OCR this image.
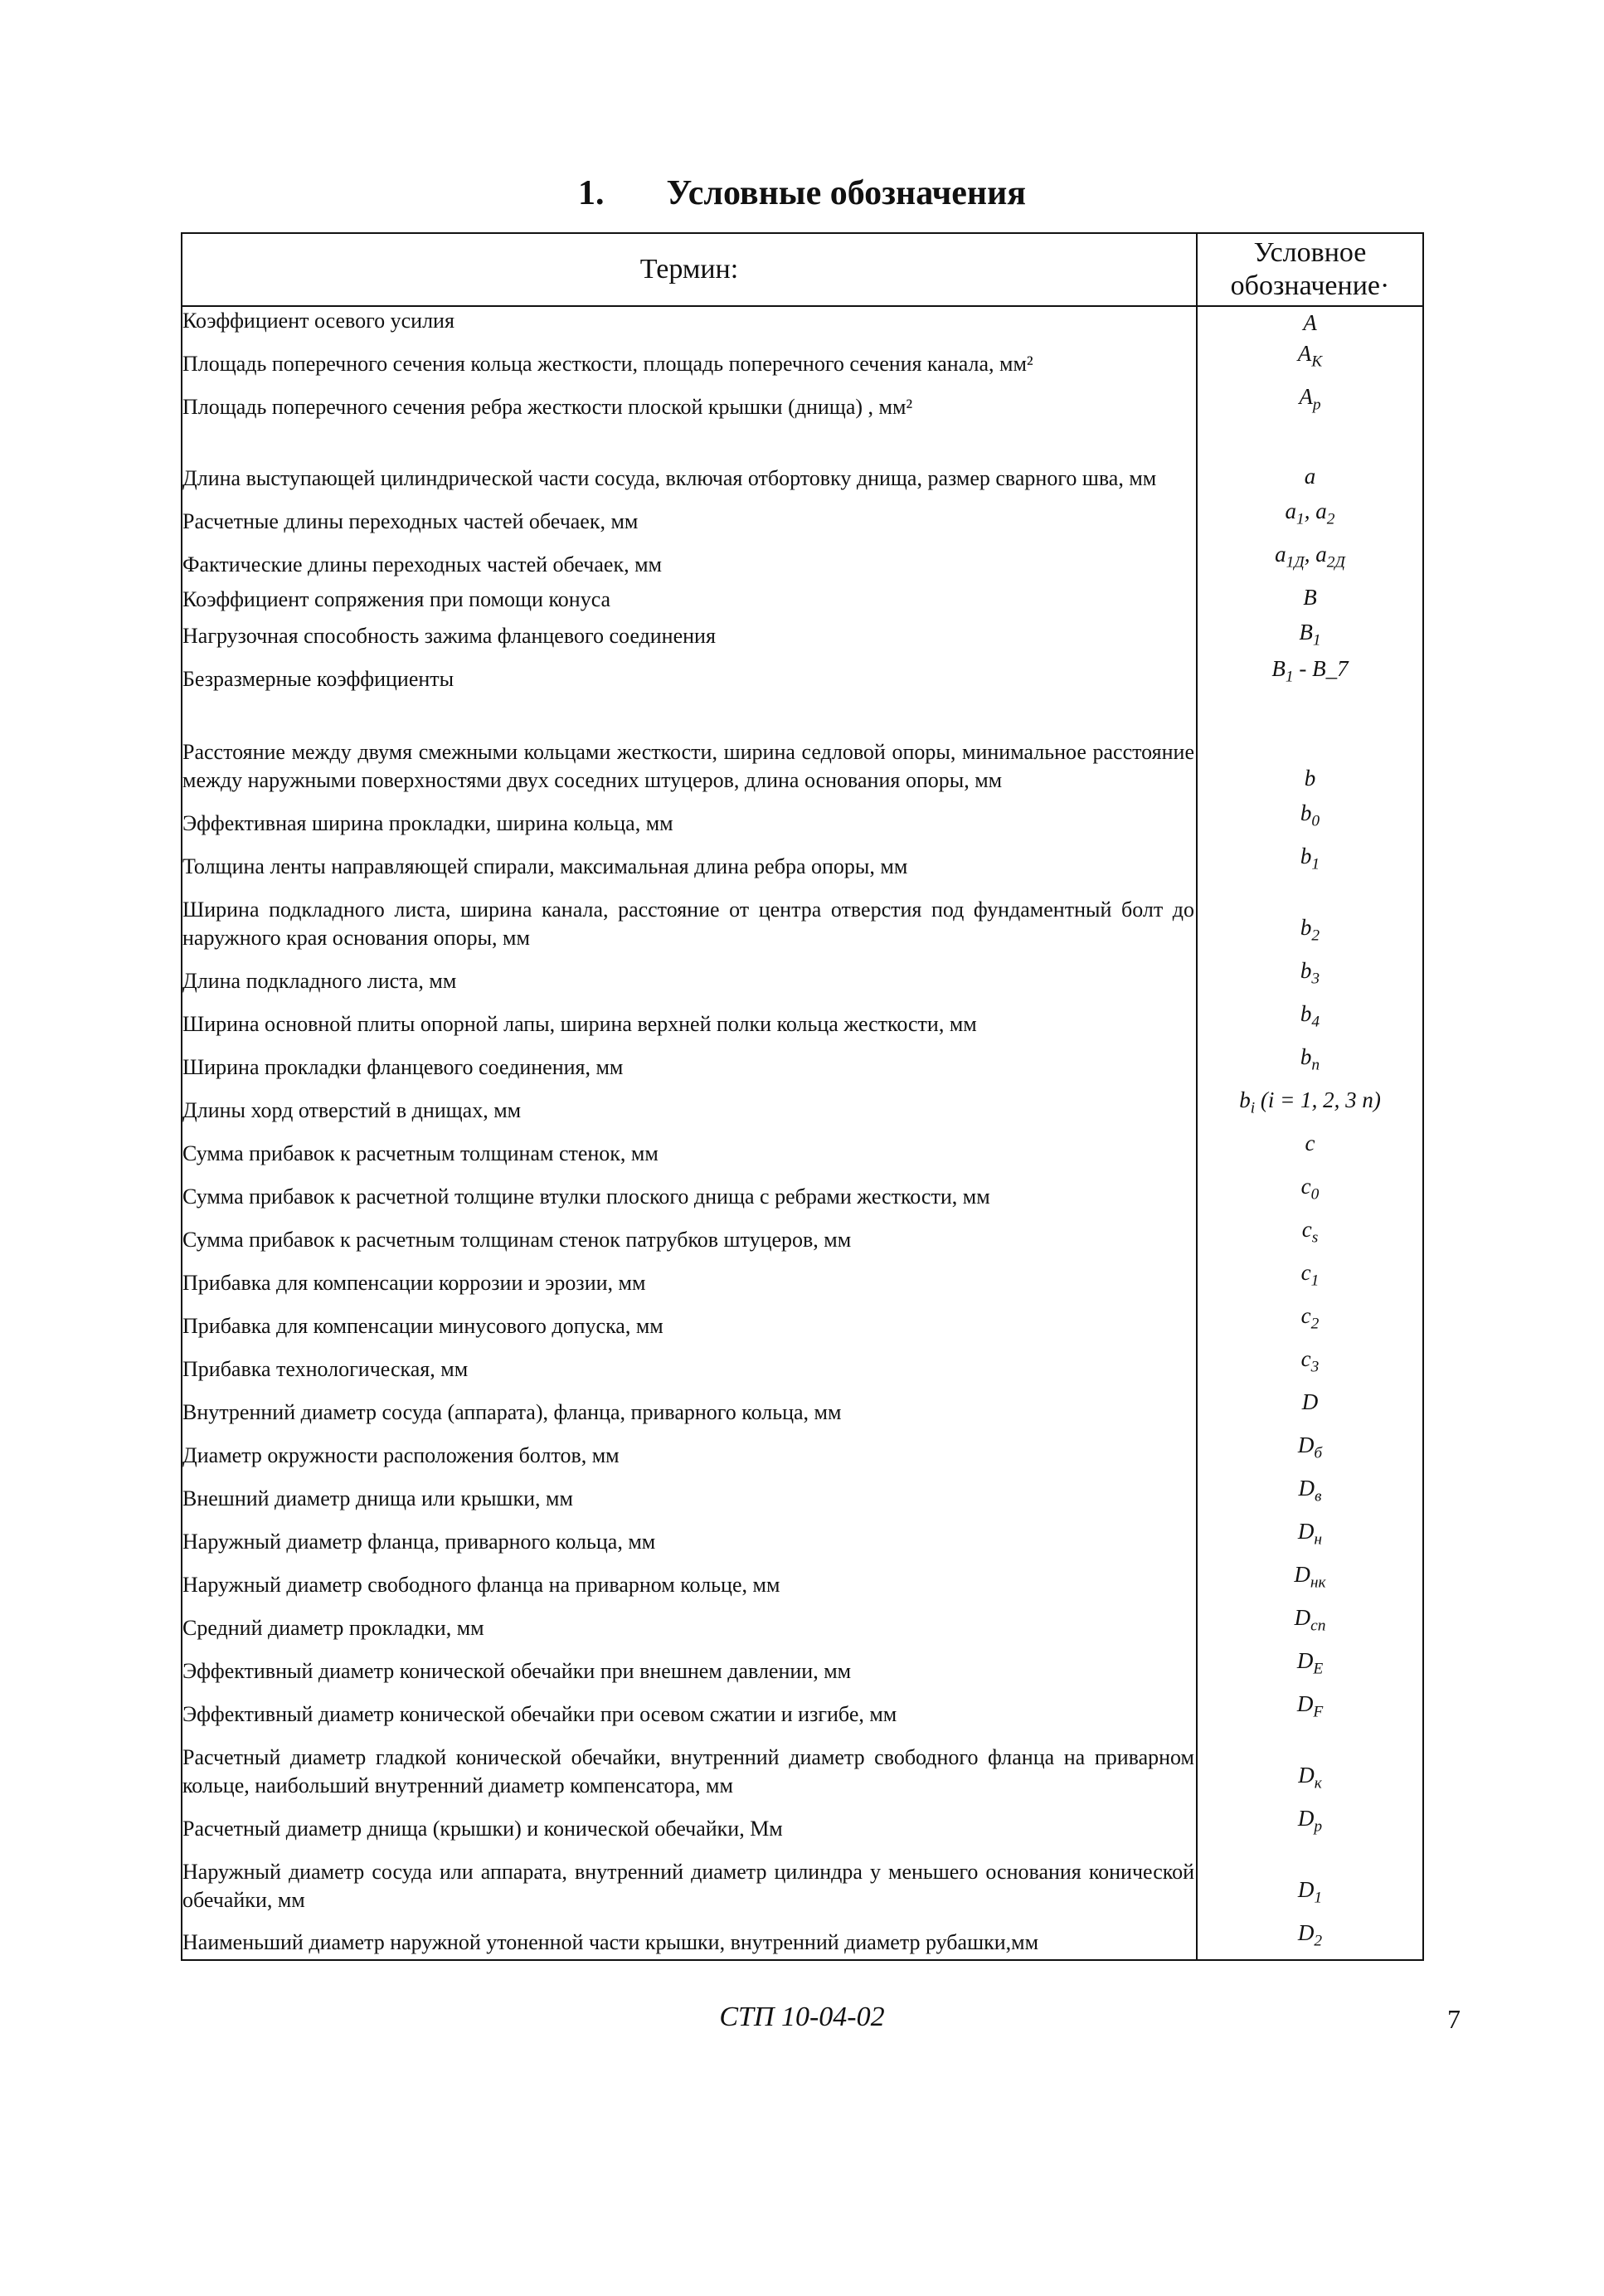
1. Условные обозначения
Термин:	Условное
обозначение·

Коэффициент осевого усилия	A
Площадь поперечного сечения кольца жесткости, площадь поперечного сечения канала, мм²	$A_K$
Площадь поперечного сечения ребра жесткости плоской крышки (днища) , мм²	$A_p$
Длина выступающей цилиндрической части сосуда, включая отбортовку днища, размер сварного шва, мм	a
Расчетные длины переходных частей обечаек, мм	$a_1$, $a_2$
Фактические длины переходных частей обечаек, мм	$a_{1Д}$, $a_{2Д}$
Коэффициент сопряжения при помощи конуса	B
Нагрузочная способность зажима фланцевого соединения	$B_1$
Безразмерные коэффициенты	$B_1$ - B_7
Расстояние между двумя смежными кольцами жесткости, ширина седловой опоры, минимальное расстояние между наружными поверхностями двух соседних штуцеров, длина основания опоры, мм	b
Эффективная ширина прокладки, ширина кольца, мм	$b_0$
Толщина ленты направляющей спирали, максимальная длина ребра опоры, мм	$b_1$
Ширина подкладного листа, ширина канала, расстояние от центра отверстия под фундаментный болт до наружного края основания опоры, мм	$b_2$
Длина подкладного листа, мм	$b_3$
Ширина основной плиты опорной лапы, ширина верхней полки кольца жесткости, мм	$b_4$
Ширина прокладки фланцевого соединения, мм	$b_п$
Длины хорд отверстий в днищах, мм	$b_i$ (i = 1, 2, 3 n)
Сумма прибавок к расчетным толщинам стенок, мм	c
Сумма прибавок к расчетной толщине втулки плоского днища с ребрами жесткости, мм	$c_0$
Сумма прибавок к расчетным толщинам стенок патрубков штуцеров, мм	$c_s$
Прибавка для компенсации коррозии и эрозии, мм	$c_1$
Прибавка для компенсации минусового допуска, мм	$c_2$
Прибавка технологическая, мм	$c_3$
Внутренний диаметр сосуда (аппарата), фланца, приварного кольца, мм	D
Диаметр окружности расположения болтов, мм	$D_б$
Внешний диаметр днища или крышки, мм	$D_в$
Наружный диаметр фланца, приварного кольца, мм	$D_н$
Наружный диаметр свободного фланца на приварном кольце, мм	$D_{нк}$
Средний диаметр прокладки, мм	$D_{сп}$
Эффективный диаметр конической обечайки при внешнем давлении, мм	$D_E$
Эффективный диаметр конической обечайки при осевом сжатии и изгибе, мм	$D_F$
Расчетный диаметр гладкой конической обечайки, внутренний диаметр свободного фланца на приварном кольце, наибольший внутренний диаметр компенсатора, мм	$D_к$
Расчетный диаметр днища (крышки) и конической обечайки, Мм	$D_p$
Наружный диаметр сосуда или аппарата, внутренний диаметр цилиндра у меньшего основания конической обечайки, мм	$D_1$
Наименьший диаметр наружной утоненной части крышки, внутренний диаметр рубашки,мм	$D_2$
СТП 10-04-02	7
